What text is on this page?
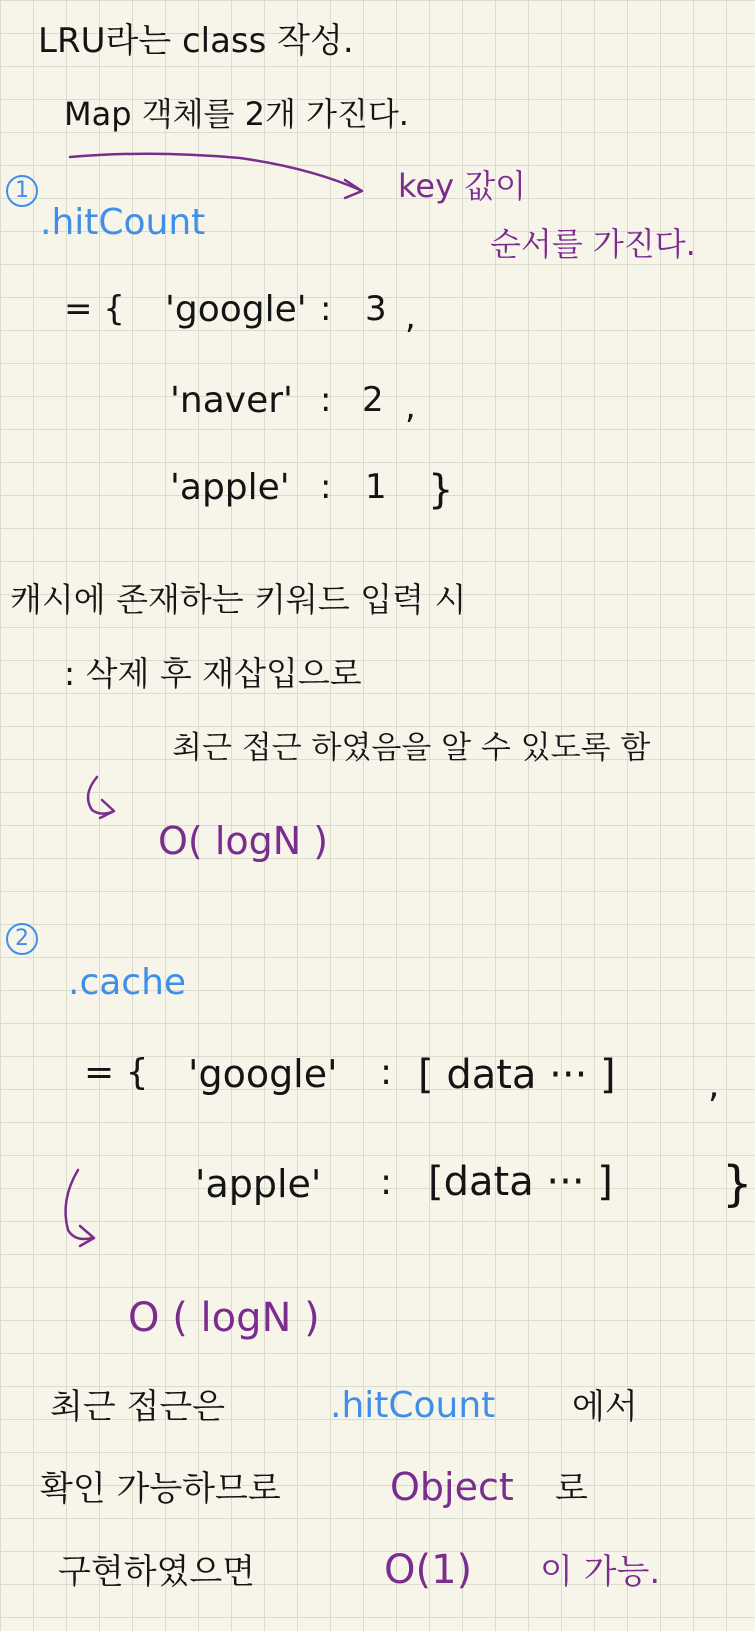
LRU라는 class 작성.
Map 객체를 2개 가진다.
key 값이
순서를 가진다.
1
.hitCount
= { 'google' : 3 ,
'naver' : 2 ,
'apple' : 1 }
캐시에 존재하는 키워드 입력 시
: 삭제 후 재삽입으로
최근 접근 하였음을 알 수 있도록 함
O( logN )
2
.cache
= { 'google' : [ data ··· ]	,
'apple' : [data ··· ] }
O ( logN )
최근 접근은	.hitCount 에서
확인 가능하므로	Object 로
구현하였으면	O(1) 이 가능.
